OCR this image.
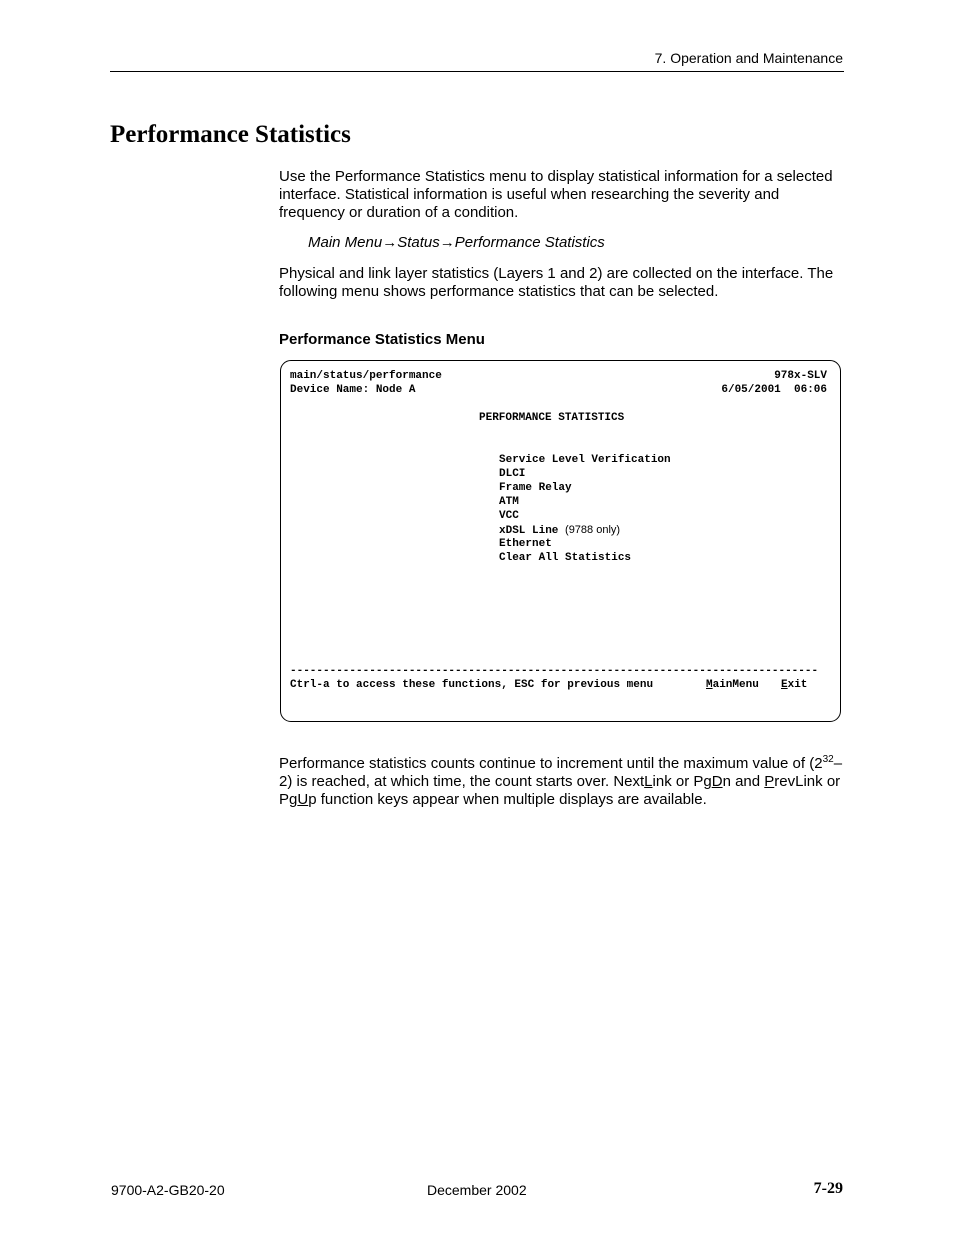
7. Operation and Maintenance
Performance Statistics

Use the Performance Statistics menu to display statistical information for a selected interface. Statistical information is useful when researching the severity and frequency or duration of a condition.

Main Menu→Status→Performance Statistics

Physical and link layer statistics (Layers 1 and 2) are collected on the interface. The following menu shows performance statistics that can be selected.

Performance Statistics Menu
main/status/performance	978x-SLV
Device Name: Node A	6/05/2001  06:06
PERFORMANCE STATISTICS
Service Level Verification
DLCI
Frame Relay
ATM
VCC
xDSL Line (9788 only)
Ethernet
Clear All Statistics
--------------------------------------------------------------------------------
Ctrl-a to access these functions, ESC for previous menu	MainMenu Exit

Performance statistics counts continue to increment until the maximum value of $(2^{32}-2)$ is reached, at which time, the count starts over. NextLink or PgDn and PrevLink or PgUp function keys appear when multiple displays are available.

9700-A2-GB20-20	December 2002	7-29
